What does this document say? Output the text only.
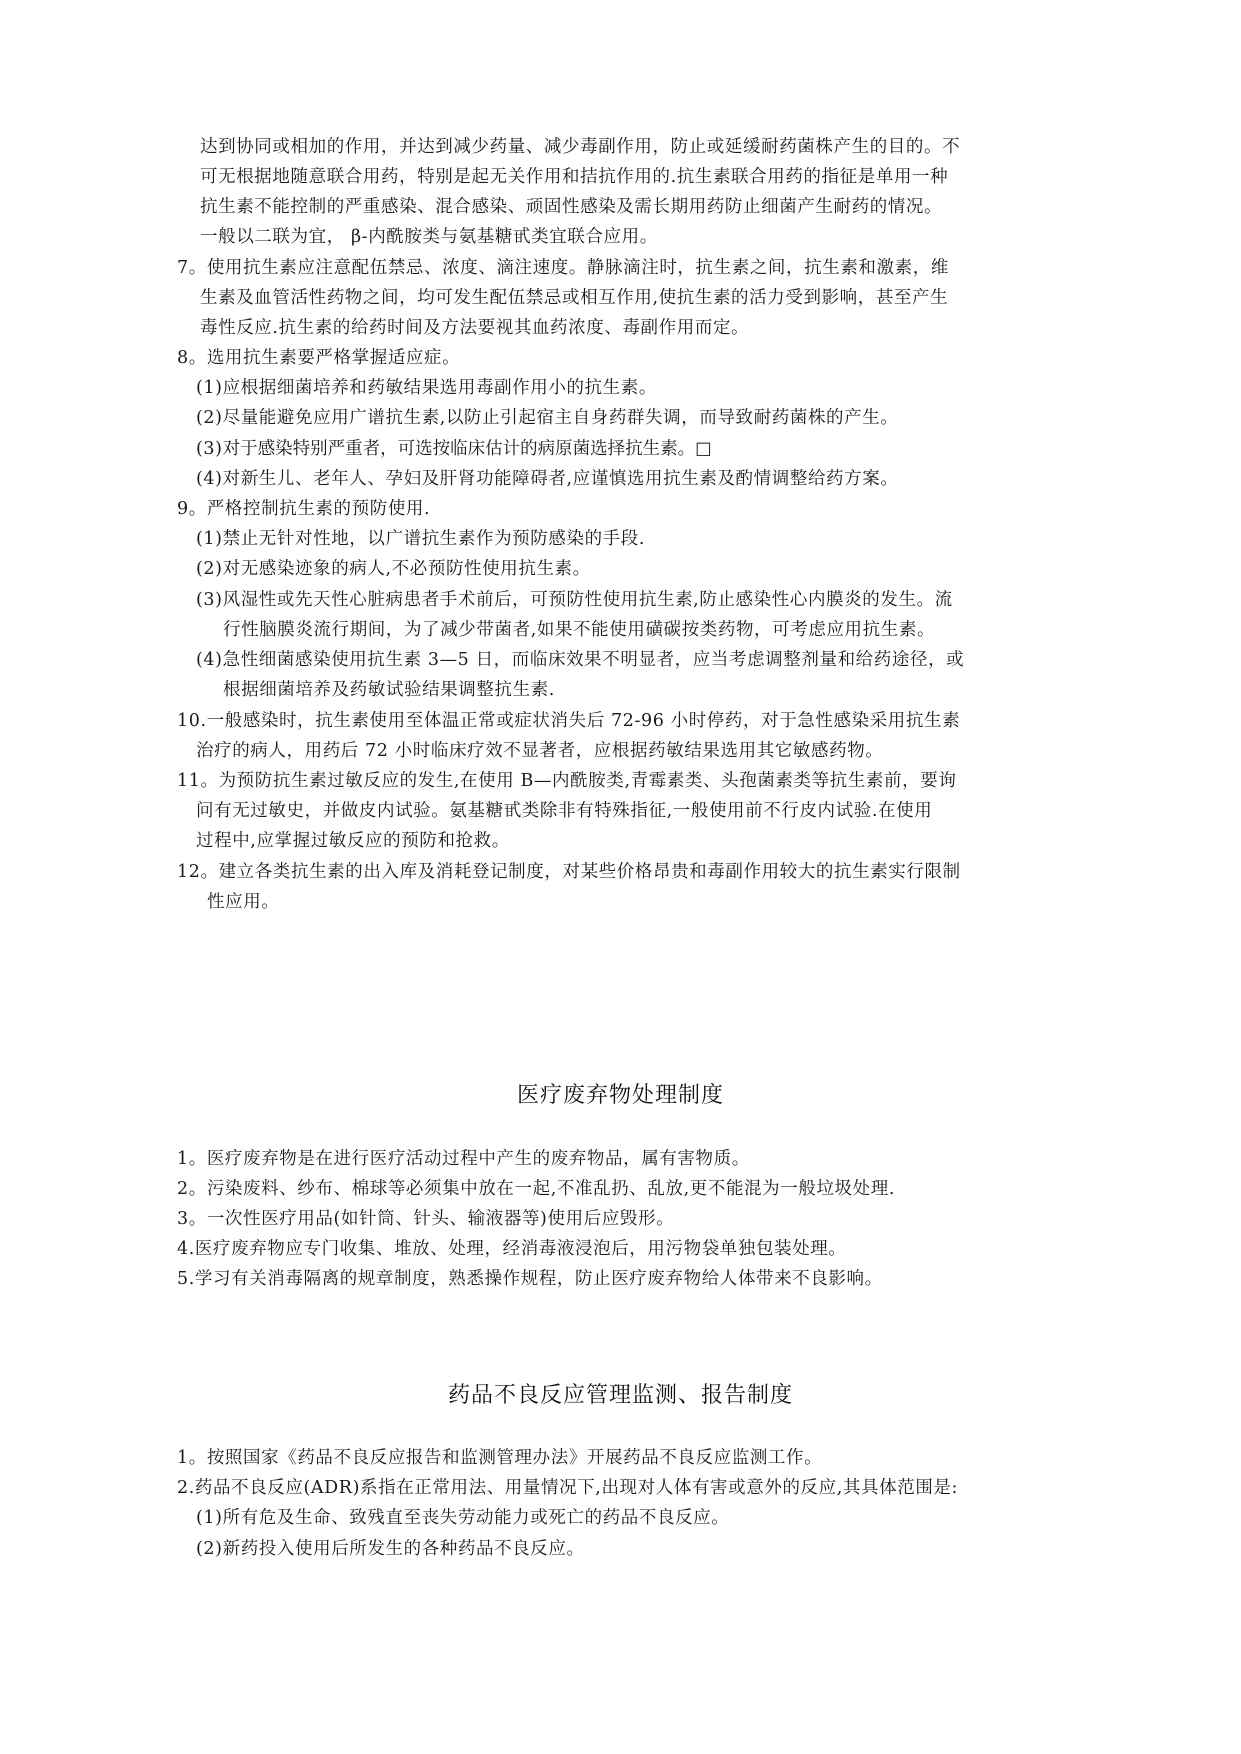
达到协同或相加的作用，并达到减少药量、减少毒副作用，防止或延缓耐药菌株产生的目的。不
可无根据地随意联合用药，特别是起无关作用和拮抗作用的.抗生素联合用药的指征是单用一种
抗生素不能控制的严重感染、混合感染、顽固性感染及需长期用药防止细菌产生耐药的情况。
一般以二联为宜， β-内酰胺类与氨基糖甙类宜联合应用。
7。使用抗生素应注意配伍禁忌、浓度、滴注速度。静脉滴注时，抗生素之间，抗生素和激素，维
生素及血管活性药物之间，均可发生配伍禁忌或相互作用,使抗生素的活力受到影响，甚至产生
毒性反应.抗生素的给药时间及方法要视其血药浓度、毒副作用而定。
8。选用抗生素要严格掌握适应症。
(1)应根据细菌培养和药敏结果选用毒副作用小的抗生素。
(2)尽量能避免应用广谱抗生素,以防止引起宿主自身药群失调，而导致耐药菌株的产生。
(3)对于感染特别严重者，可选按临床估计的病原菌选择抗生素。□
(4)对新生儿、老年人、孕妇及肝肾功能障碍者,应谨慎选用抗生素及酌情调整给药方案。
9。严格控制抗生素的预防使用.
(1)禁止无针对性地，以广谱抗生素作为预防感染的手段.
(2)对无感染迹象的病人,不必预防性使用抗生素。
(3)风湿性或先天性心脏病患者手术前后，可预防性使用抗生素,防止感染性心内膜炎的发生。流
行性脑膜炎流行期间，为了减少带菌者,如果不能使用磺碳按类药物，可考虑应用抗生素。
(4)急性细菌感染使用抗生素 3—5 日，而临床效果不明显者，应当考虑调整剂量和给药途径，或
根据细菌培养及药敏试验结果调整抗生素.
10.一般感染时，抗生素使用至体温正常或症状消失后 72-96 小时停药，对于急性感染采用抗生素
治疗的病人，用药后 72 小时临床疗效不显著者，应根据药敏结果选用其它敏感药物。
11。为预防抗生素过敏反应的发生,在使用 B—内酰胺类,青霉素类、头孢菌素类等抗生素前，要询
问有无过敏史，并做皮内试验。氨基糖甙类除非有特殊指征,一般使用前不行皮内试验.在使用
过程中,应掌握过敏反应的预防和抢救。
12。建立各类抗生素的出入库及消耗登记制度，对某些价格昂贵和毒副作用较大的抗生素实行限制
性应用。
医疗废弃物处理制度
1。医疗废弃物是在进行医疗活动过程中产生的废弃物品，属有害物质。
2。污染废料、纱布、棉球等必须集中放在一起,不准乱扔、乱放,更不能混为一般垃圾处理.
3。一次性医疗用品(如针筒、针头、输液器等)使用后应毁形。
4.医疗废弃物应专门收集、堆放、处理，经消毒液浸泡后，用污物袋单独包装处理。
5.学习有关消毒隔离的规章制度，熟悉操作规程，防止医疗废弃物给人体带来不良影响。
药品不良反应管理监测、报告制度
1。按照国家《药品不良反应报告和监测管理办法》开展药品不良反应监测工作。
2.药品不良反应(ADR)系指在正常用法、用量情况下,出现对人体有害或意外的反应,其具体范围是:
(1)所有危及生命、致残直至丧失劳动能力或死亡的药品不良反应。
(2)新药投入使用后所发生的各种药品不良反应。
